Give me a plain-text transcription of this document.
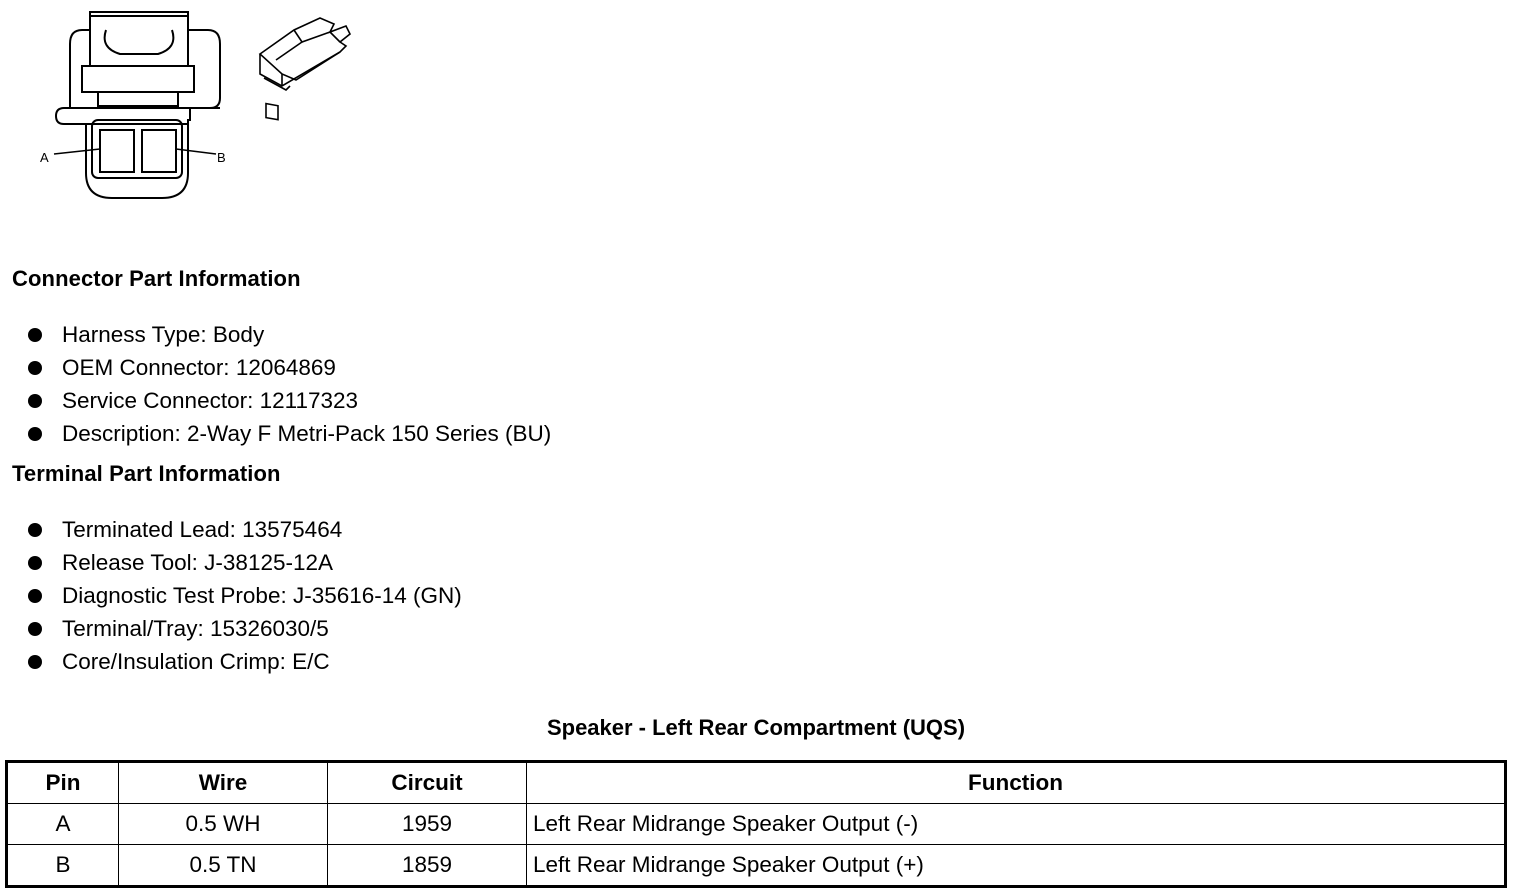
A	B
Connector Part Information
Harness Type: Body
OEM Connector: 12064869
Service Connector: 12117323
Description: 2-Way F Metri-Pack 150 Series (BU)
Terminal Part Information
Terminated Lead: 13575464
Release Tool: J-38125-12A
Diagnostic Test Probe: J-35616-14 (GN)
Terminal/Tray: 15326030/5
Core/Insulation Crimp: E/C
Speaker - Left Rear Compartment (UQS)
Pin	Wire	Circuit	Function
A	0.5 WH	1959	Left Rear Midrange Speaker Output (-)
B	0.5 TN	1859	Left Rear Midrange Speaker Output (+)
